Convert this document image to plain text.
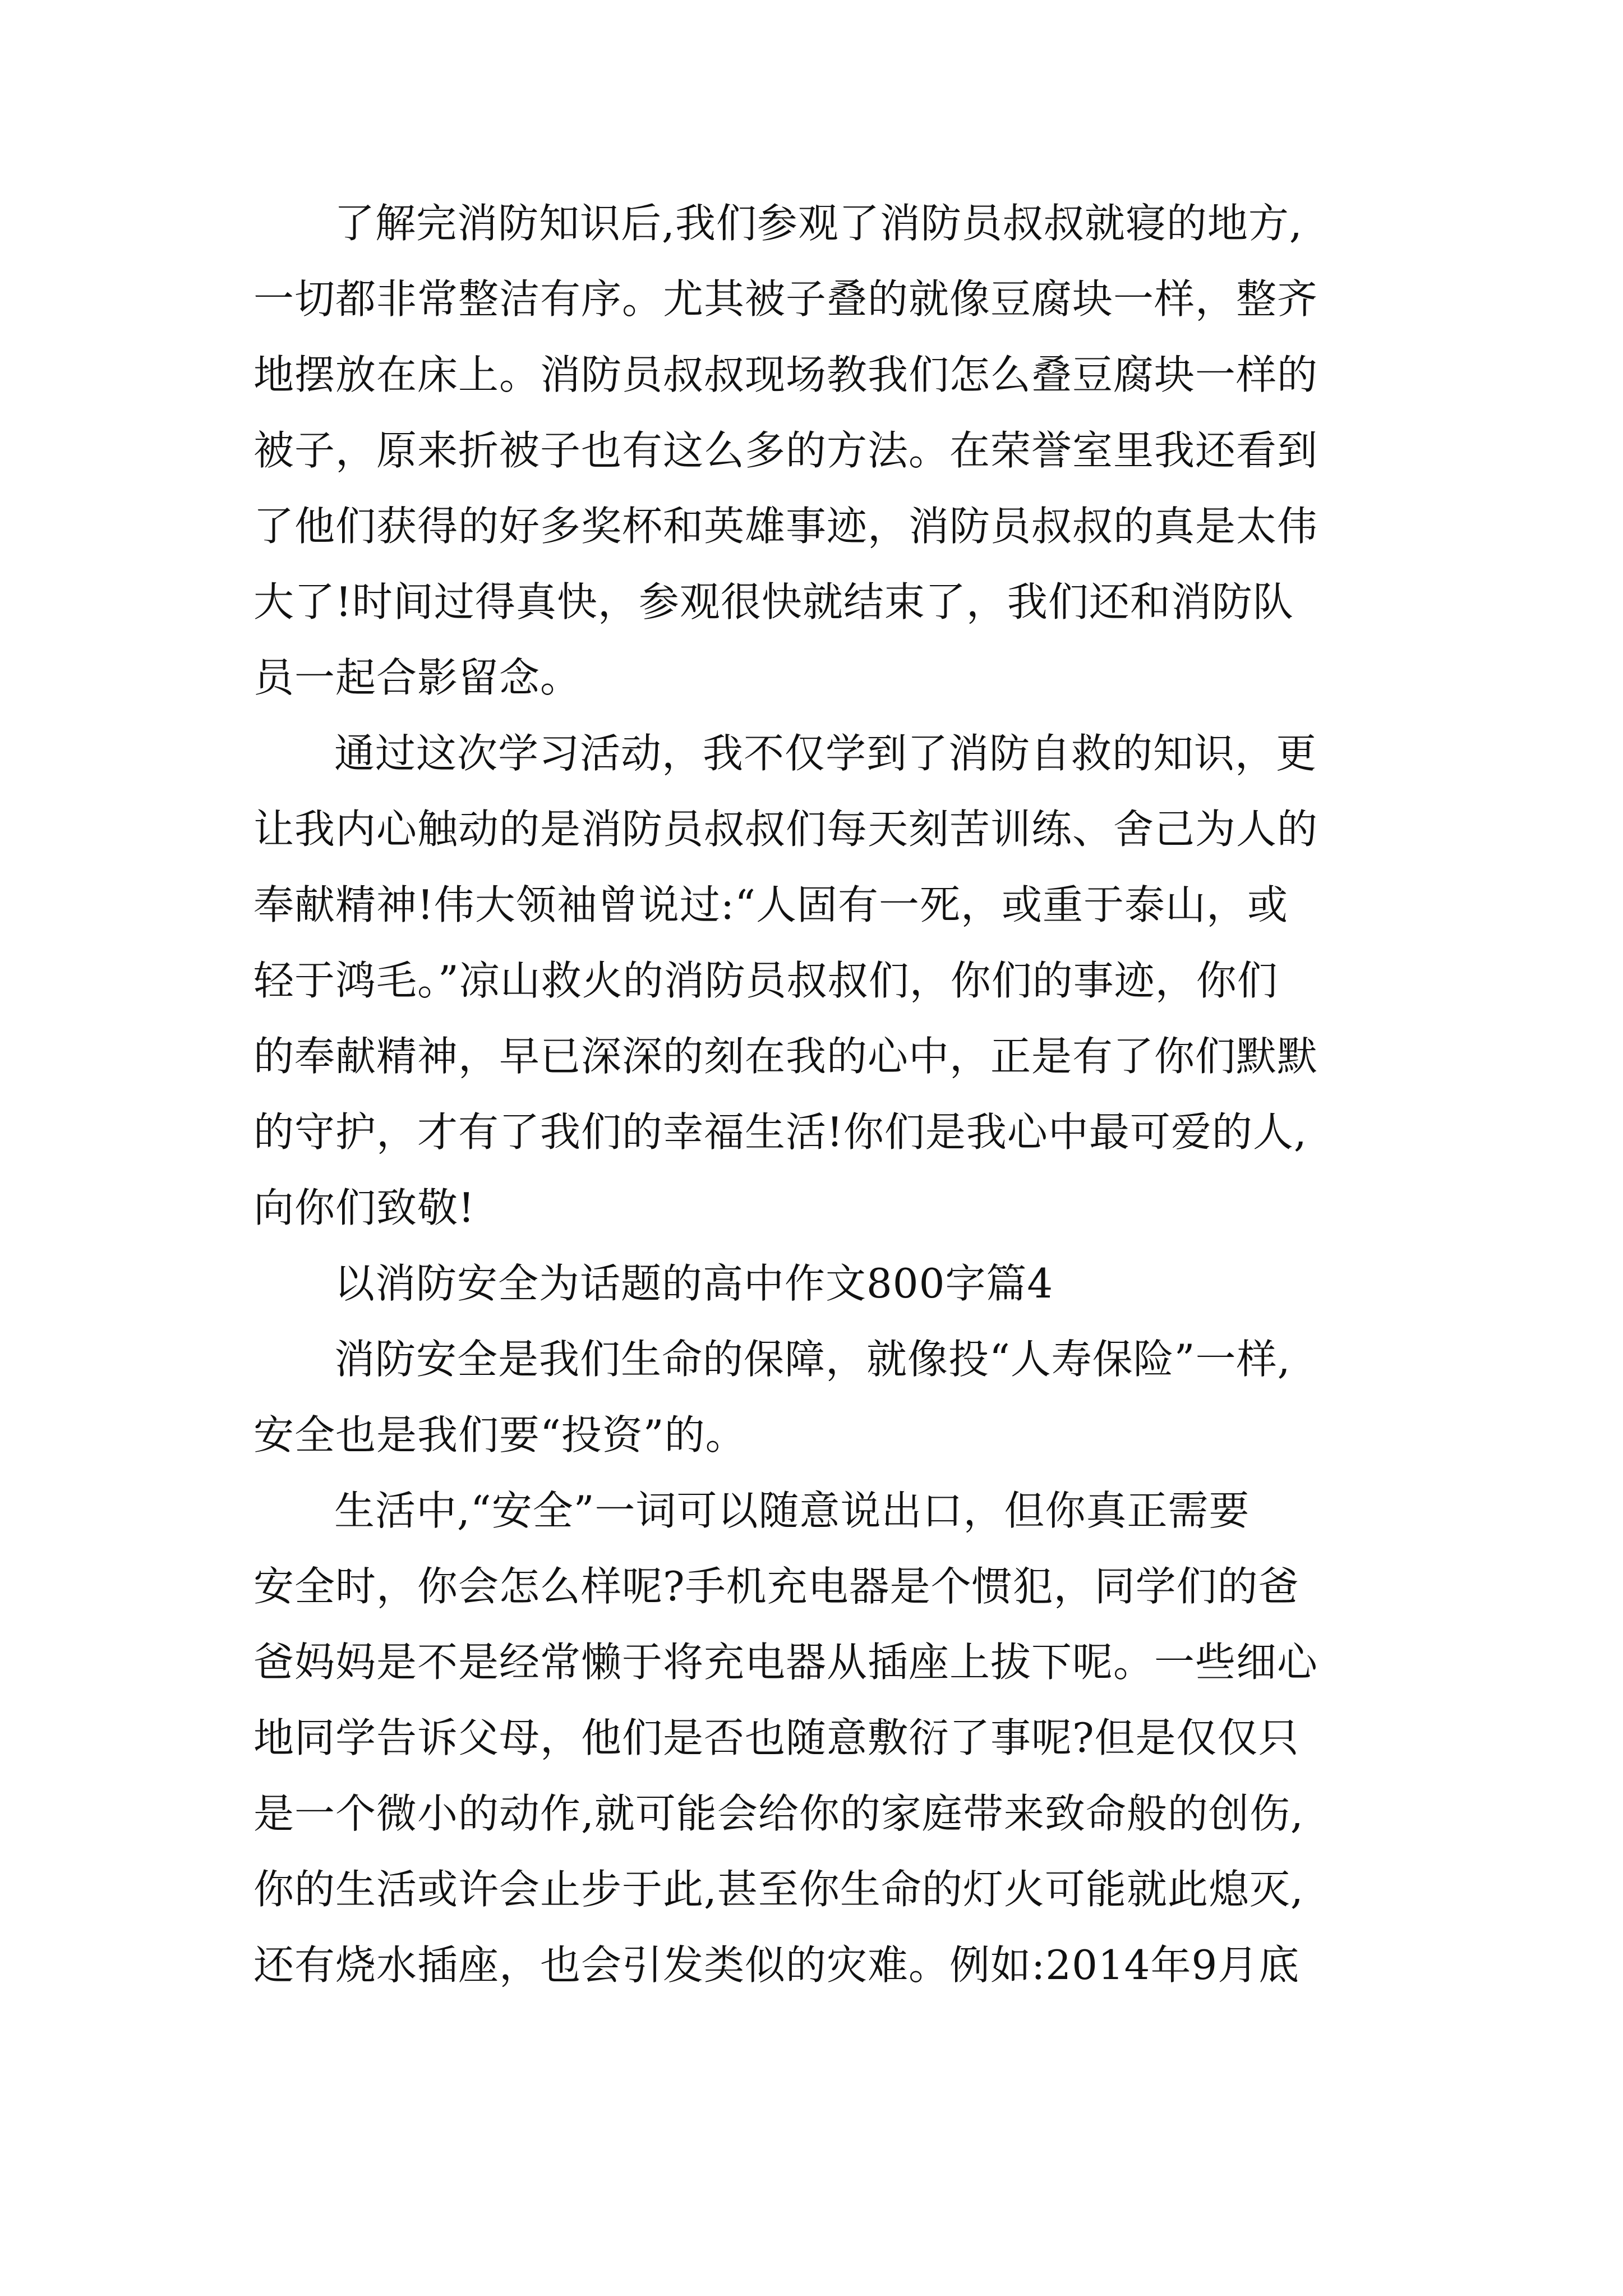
了解完消防知识后,我们参观了消防员叔叔就寝的地方,

一切都非常整洁有序。尤其被子叠的就像豆腐块一样，整齐

地摆放在床上。消防员叔叔现场教我们怎么叠豆腐块一样的

被子，原来折被子也有这么多的方法。在荣誉室里我还看到

了他们获得的好多奖杯和英雄事迹，消防员叔叔的真是太伟

大了!时间过得真快，参观很快就结束了，我们还和消防队

员一起合影留念。

通过这次学习活动，我不仅学到了消防自救的知识，更

让我内心触动的是消防员叔叔们每天刻苦训练、舍己为人的

奉献精神!伟大领袖曾说过:“人固有一死，或重于泰山，或

轻于鸿毛。”凉山救火的消防员叔叔们，你们的事迹，你们

的奉献精神，早已深深的刻在我的心中，正是有了你们默默

的守护，才有了我们的幸福生活!你们是我心中最可爱的人,

向你们致敬!

以消防安全为话题的高中作文800字篇4

消防安全是我们生命的保障，就像投“人寿保险”一样,

安全也是我们要“投资”的。

生活中,“安全”一词可以随意说出口，但你真正需要

安全时，你会怎么样呢?手机充电器是个惯犯，同学们的爸

爸妈妈是不是经常懒于将充电器从插座上拔下呢。一些细心

地同学告诉父母，他们是否也随意敷衍了事呢?但是仅仅只

是一个微小的动作,就可能会给你的家庭带来致命般的创伤,

你的生活或许会止步于此,甚至你生命的灯火可能就此熄灭,

还有烧水插座，也会引发类似的灾难。例如:2014年9月底
